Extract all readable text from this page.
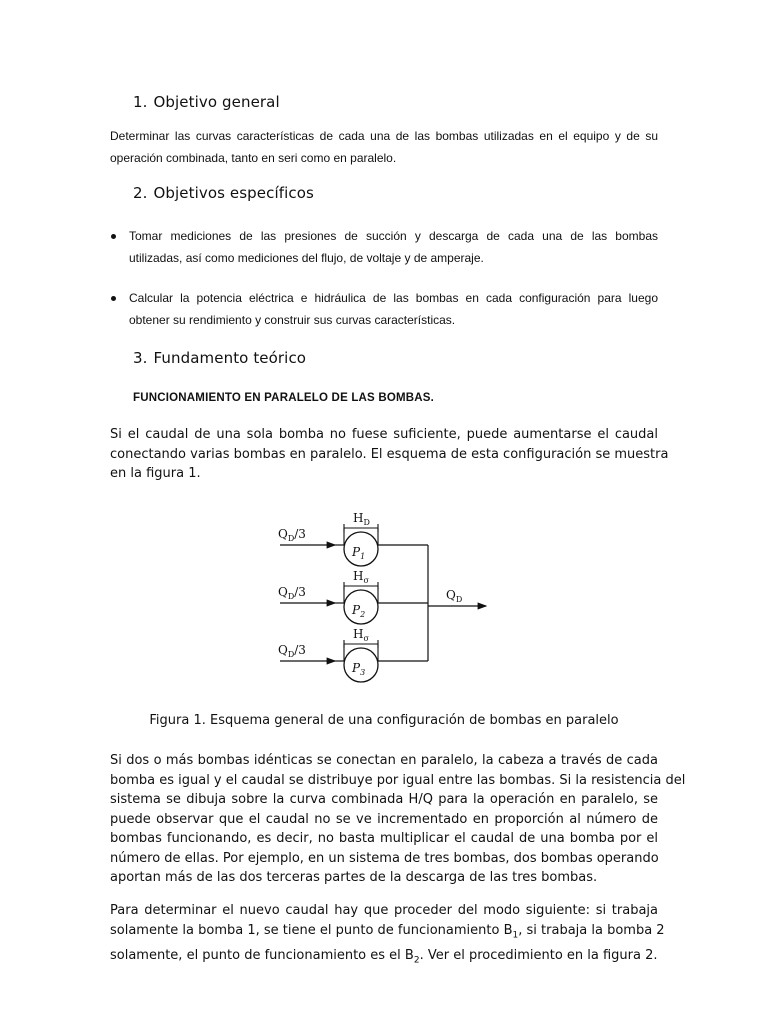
1. Objetivo general
Determinar las curvas características de cada una de las bombas utilizadas en el equipo y de su
operación combinada, tanto en seri como en paralelo.
2. Objetivos específicos
Tomar mediciones de las presiones de succión y descarga de cada una de las bombas
utilizadas, así como mediciones del flujo, de voltaje y de amperaje.
Calcular la potencia eléctrica e hidráulica de las bombas en cada configuración para luego
obtener su rendimiento y construir sus curvas características.
3. Fundamento teórico
FUNCIONAMIENTO EN PARALELO DE LAS BOMBAS.
Si el caudal de una sola bomba no fuese suficiente, puede aumentarse el caudal
conectando varias bombas en paralelo. El esquema de esta configuración se muestra
en la figura 1.
$Q_D/3$
$H_D$
$P_1$
$Q_D/3$
$H_\sigma$
$P_2$
$Q_D/3$
$H_\sigma$
$P_3$
$Q_D$
Figura 1. Esquema general de una configuración de bombas en paralelo
Si dos o más bombas idénticas se conectan en paralelo, la cabeza a través de cada
bomba es igual y el caudal se distribuye por igual entre las bombas. Si la resistencia del
sistema se dibuja sobre la curva combinada H/Q para la operación en paralelo, se
puede observar que el caudal no se ve incrementado en proporción al número de
bombas funcionando, es decir, no basta multiplicar el caudal de una bomba por el
número de ellas. Por ejemplo, en un sistema de tres bombas, dos bombas operando
aportan más de las dos terceras partes de la descarga de las tres bombas.
Para determinar el nuevo caudal hay que proceder del modo siguiente: si trabaja
solamente la bomba 1, se tiene el punto de funcionamiento $B_1$, si trabaja la bomba 2
solamente, el punto de funcionamiento es el $B_2$. Ver el procedimiento en la figura 2.
